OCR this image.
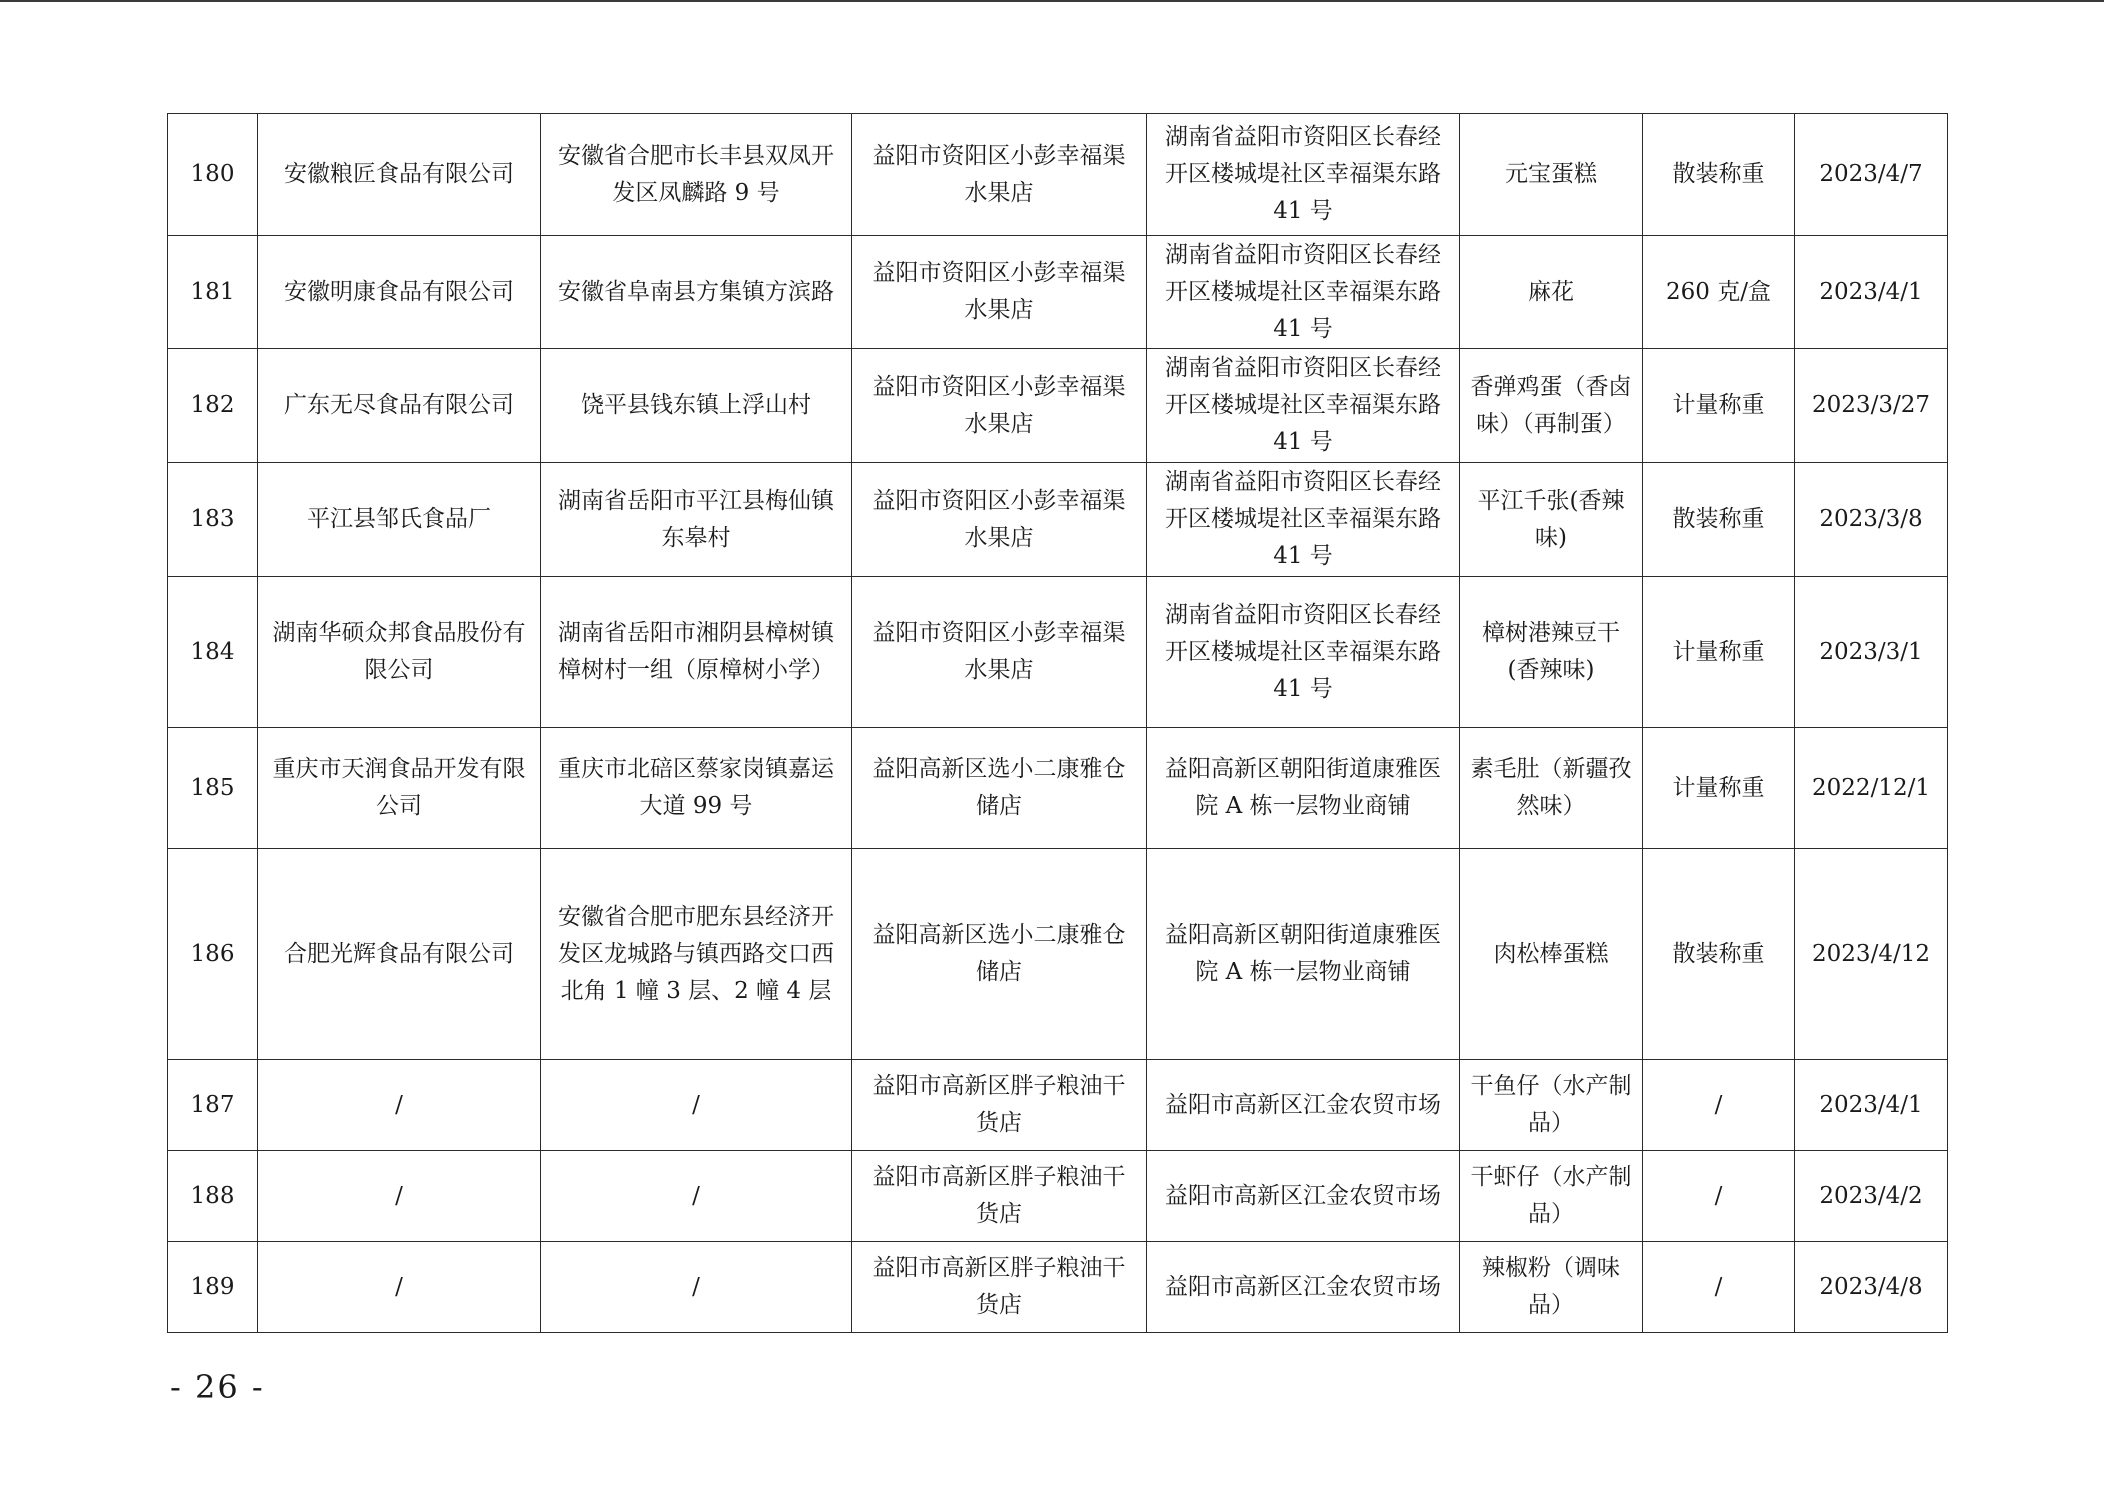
180	安徽粮匠食品有限公司	安徽省合肥市长丰县双凤开发区凤麟路 9 号	益阳市资阳区小彭幸福渠水果店	湖南省益阳市资阳区长春经开区楼城堤社区幸福渠东路 41 号	元宝蛋糕	散装称重	2023/4/7
181	安徽明康食品有限公司	安徽省阜南县方集镇方滨路	益阳市资阳区小彭幸福渠水果店	湖南省益阳市资阳区长春经开区楼城堤社区幸福渠东路 41 号	麻花	260 克/盒	2023/4/1
182	广东无尽食品有限公司	饶平县钱东镇上浮山村	益阳市资阳区小彭幸福渠水果店	湖南省益阳市资阳区长春经开区楼城堤社区幸福渠东路 41 号	香弹鸡蛋（香卤味）（再制蛋）	计量称重	2023/3/27
183	平江县邹氏食品厂	湖南省岳阳市平江县梅仙镇东皋村	益阳市资阳区小彭幸福渠水果店	湖南省益阳市资阳区长春经开区楼城堤社区幸福渠东路 41 号	平江千张(香辣味)	散装称重	2023/3/8
184	湖南华硕众邦食品股份有限公司	湖南省岳阳市湘阴县樟树镇樟树村一组（原樟树小学）	益阳市资阳区小彭幸福渠水果店	湖南省益阳市资阳区长春经开区楼城堤社区幸福渠东路 41 号	樟树港辣豆干(香辣味)	计量称重	2023/3/1
185	重庆市天润食品开发有限公司	重庆市北碚区蔡家岗镇嘉运大道 99 号	益阳高新区选小二康雅仓储店	益阳高新区朝阳街道康雅医院 A 栋一层物业商铺	素毛肚（新疆孜然味）	计量称重	2022/12/1
186	合肥光辉食品有限公司	安徽省合肥市肥东县经济开发区龙城路与镇西路交口西北角 1 幢 3 层、2 幢 4 层	益阳高新区选小二康雅仓储店	益阳高新区朝阳街道康雅医院 A 栋一层物业商铺	肉松棒蛋糕	散装称重	2023/4/12
187	/	/	益阳市高新区胖子粮油干货店	益阳市高新区江金农贸市场	干鱼仔（水产制品）	/	2023/4/1
188	/	/	益阳市高新区胖子粮油干货店	益阳市高新区江金农贸市场	干虾仔（水产制品）	/	2023/4/2
189	/	/	益阳市高新区胖子粮油干货店	益阳市高新区江金农贸市场	辣椒粉（调味品）	/	2023/4/8
- 26 -
